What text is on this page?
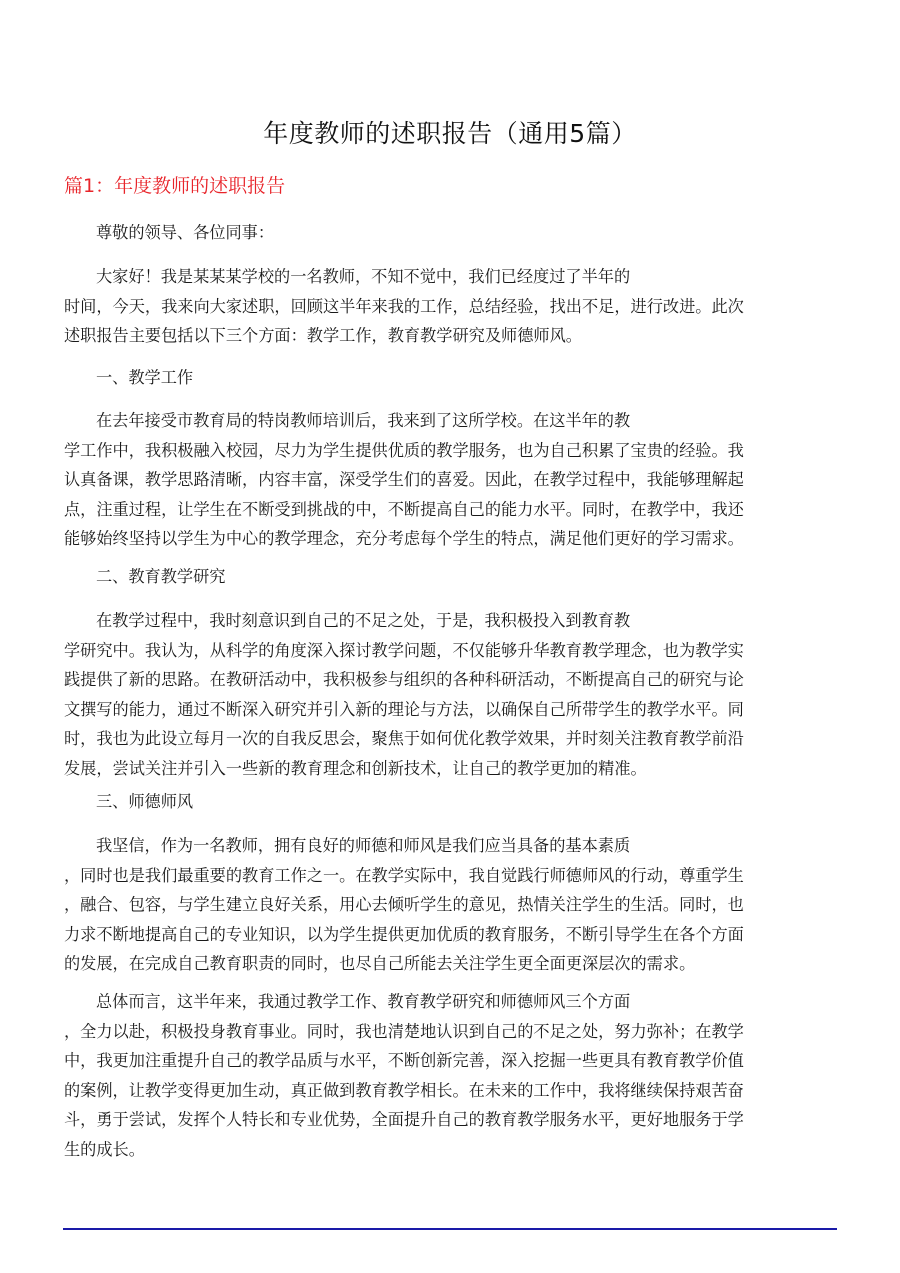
年度教师的述职报告（通用5篇）
篇1：年度教师的述职报告
尊敬的领导、各位同事：
大家好！我是某某某学校的一名教师，不知不觉中，我们已经度过了半年的
时间，今天，我来向大家述职，回顾这半年来我的工作，总结经验，找出不足，进行改进。此次
述职报告主要包括以下三个方面：教学工作，教育教学研究及师德师风。
一、教学工作
在去年接受市教育局的特岗教师培训后，我来到了这所学校。在这半年的教
学工作中，我积极融入校园，尽力为学生提供优质的教学服务，也为自己积累了宝贵的经验。我
认真备课，教学思路清晰，内容丰富，深受学生们的喜爱。因此，在教学过程中，我能够理解起
点，注重过程，让学生在不断受到挑战的中，不断提高自己的能力水平。同时，在教学中，我还
能够始终坚持以学生为中心的教学理念，充分考虑每个学生的特点，满足他们更好的学习需求。
二、教育教学研究
在教学过程中，我时刻意识到自己的不足之处，于是，我积极投入到教育教
学研究中。我认为，从科学的角度深入探讨教学问题，不仅能够升华教育教学理念，也为教学实
践提供了新的思路。在教研活动中，我积极参与组织的各种科研活动，不断提高自己的研究与论
文撰写的能力，通过不断深入研究并引入新的理论与方法，以确保自己所带学生的教学水平。同
时，我也为此设立每月一次的自我反思会，聚焦于如何优化教学效果，并时刻关注教育教学前沿
发展，尝试关注并引入一些新的教育理念和创新技术，让自己的教学更加的精准。
三、师德师风
我坚信，作为一名教师，拥有良好的师德和师风是我们应当具备的基本素质
，同时也是我们最重要的教育工作之一。在教学实际中，我自觉践行师德师风的行动，尊重学生
，融合、包容，与学生建立良好关系，用心去倾听学生的意见，热情关注学生的生活。同时，也
力求不断地提高自己的专业知识，以为学生提供更加优质的教育服务，不断引导学生在各个方面
的发展，在完成自己教育职责的同时，也尽自己所能去关注学生更全面更深层次的需求。
总体而言，这半年来，我通过教学工作、教育教学研究和师德师风三个方面
，全力以赴，积极投身教育事业。同时，我也清楚地认识到自己的不足之处，努力弥补；在教学
中，我更加注重提升自己的教学品质与水平，不断创新完善，深入挖掘一些更具有教育教学价值
的案例，让教学变得更加生动，真正做到教育教学相长。在未来的工作中，我将继续保持艰苦奋
斗，勇于尝试，发挥个人特长和专业优势，全面提升自己的教育教学服务水平，更好地服务于学
生的成长。
